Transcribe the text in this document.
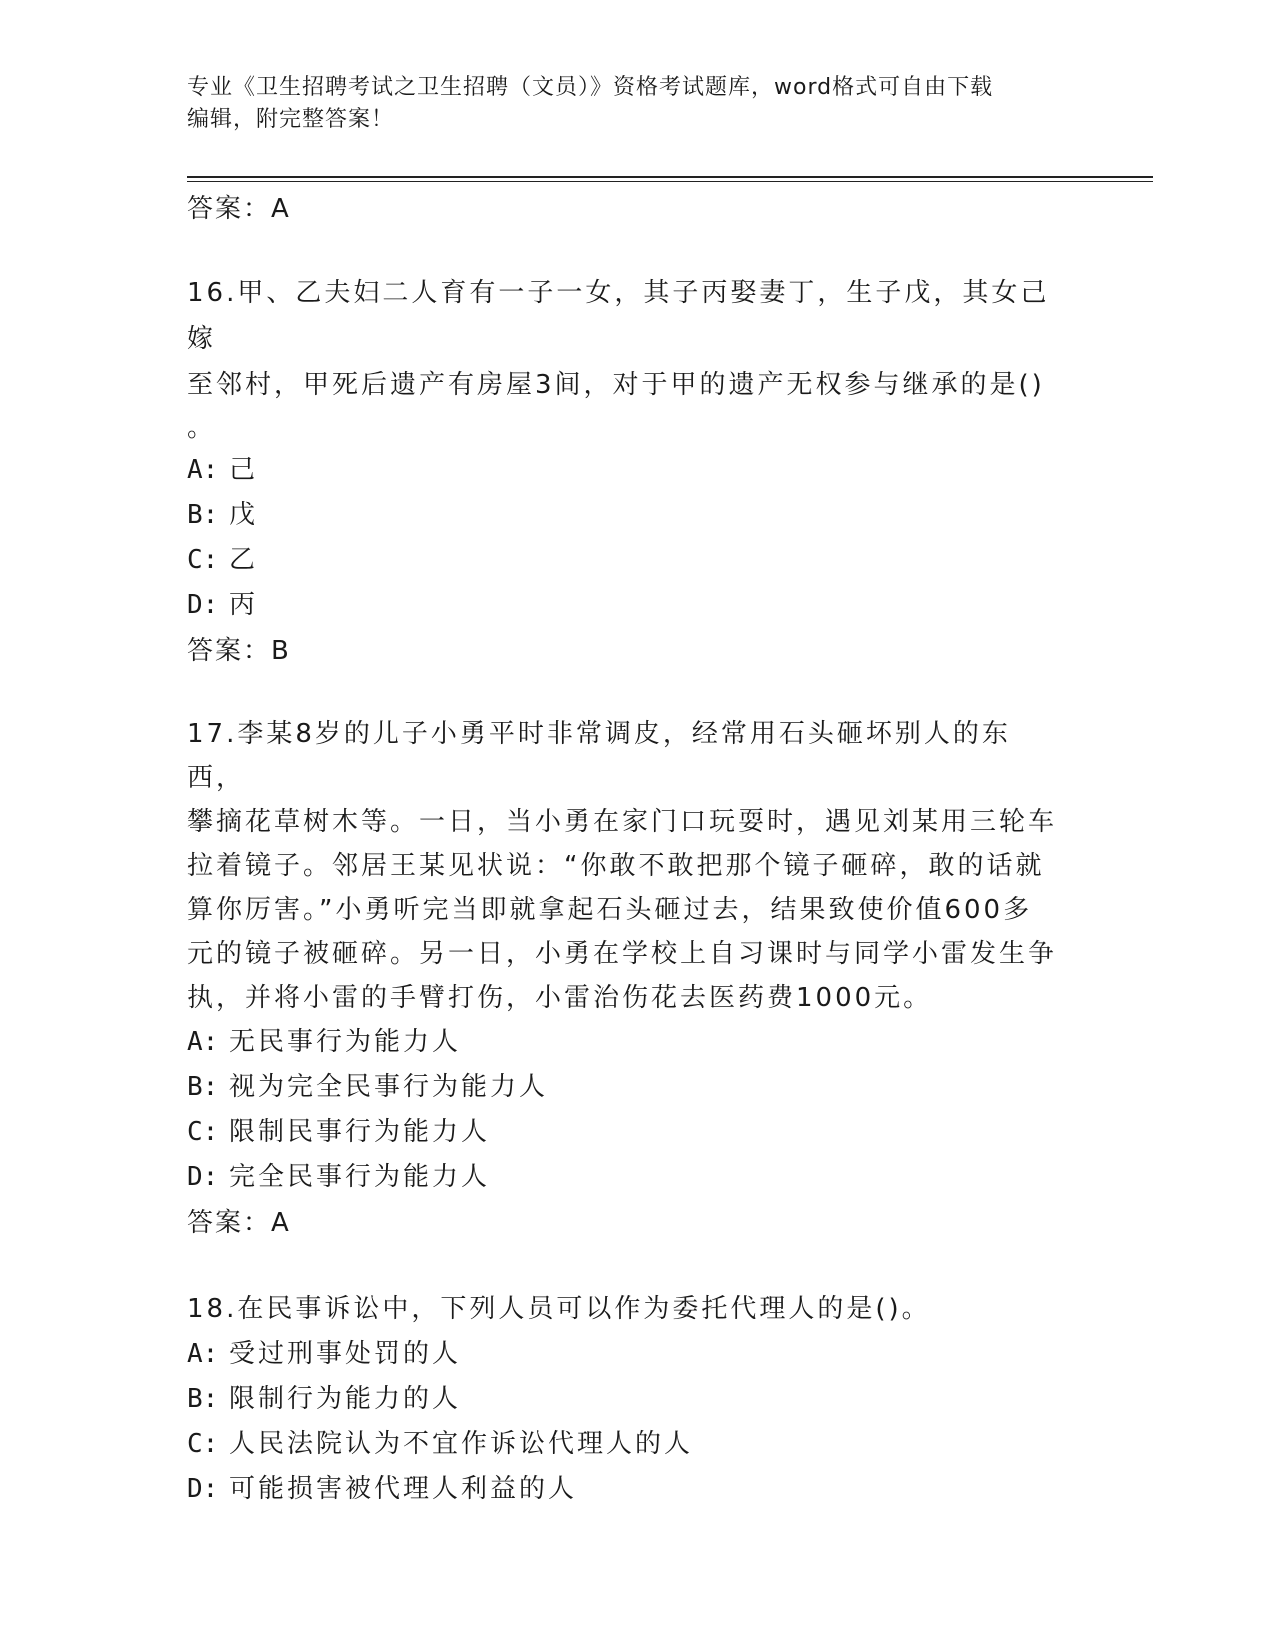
专业《卫生招聘考试之卫生招聘（文员）》资格考试题库，word格式可自由下载
编辑，附完整答案！
答案：A
16.甲、乙夫妇二人育有一子一女，其子丙娶妻丁，生子戊，其女己嫁
至邻村，甲死后遗产有房屋3间，对于甲的遗产无权参与继承的是()
。
A: 己
B: 戊
C: 乙
D: 丙
答案：B
17.李某8岁的儿子小勇平时非常调皮，经常用石头砸坏别人的东西，
攀摘花草树木等。一日，当小勇在家门口玩耍时，遇见刘某用三轮车
拉着镜子。邻居王某见状说：“你敢不敢把那个镜子砸碎，敢的话就
算你厉害。”小勇听完当即就拿起石头砸过去，结果致使价值600多
元的镜子被砸碎。另一日，小勇在学校上自习课时与同学小雷发生争
执，并将小雷的手臂打伤，小雷治伤花去医药费1000元。
A: 无民事行为能力人
B: 视为完全民事行为能力人
C: 限制民事行为能力人
D: 完全民事行为能力人
答案：A
18.在民事诉讼中，下列人员可以作为委托代理人的是()。
A: 受过刑事处罚的人
B: 限制行为能力的人
C: 人民法院认为不宜作诉讼代理人的人
D: 可能损害被代理人利益的人
